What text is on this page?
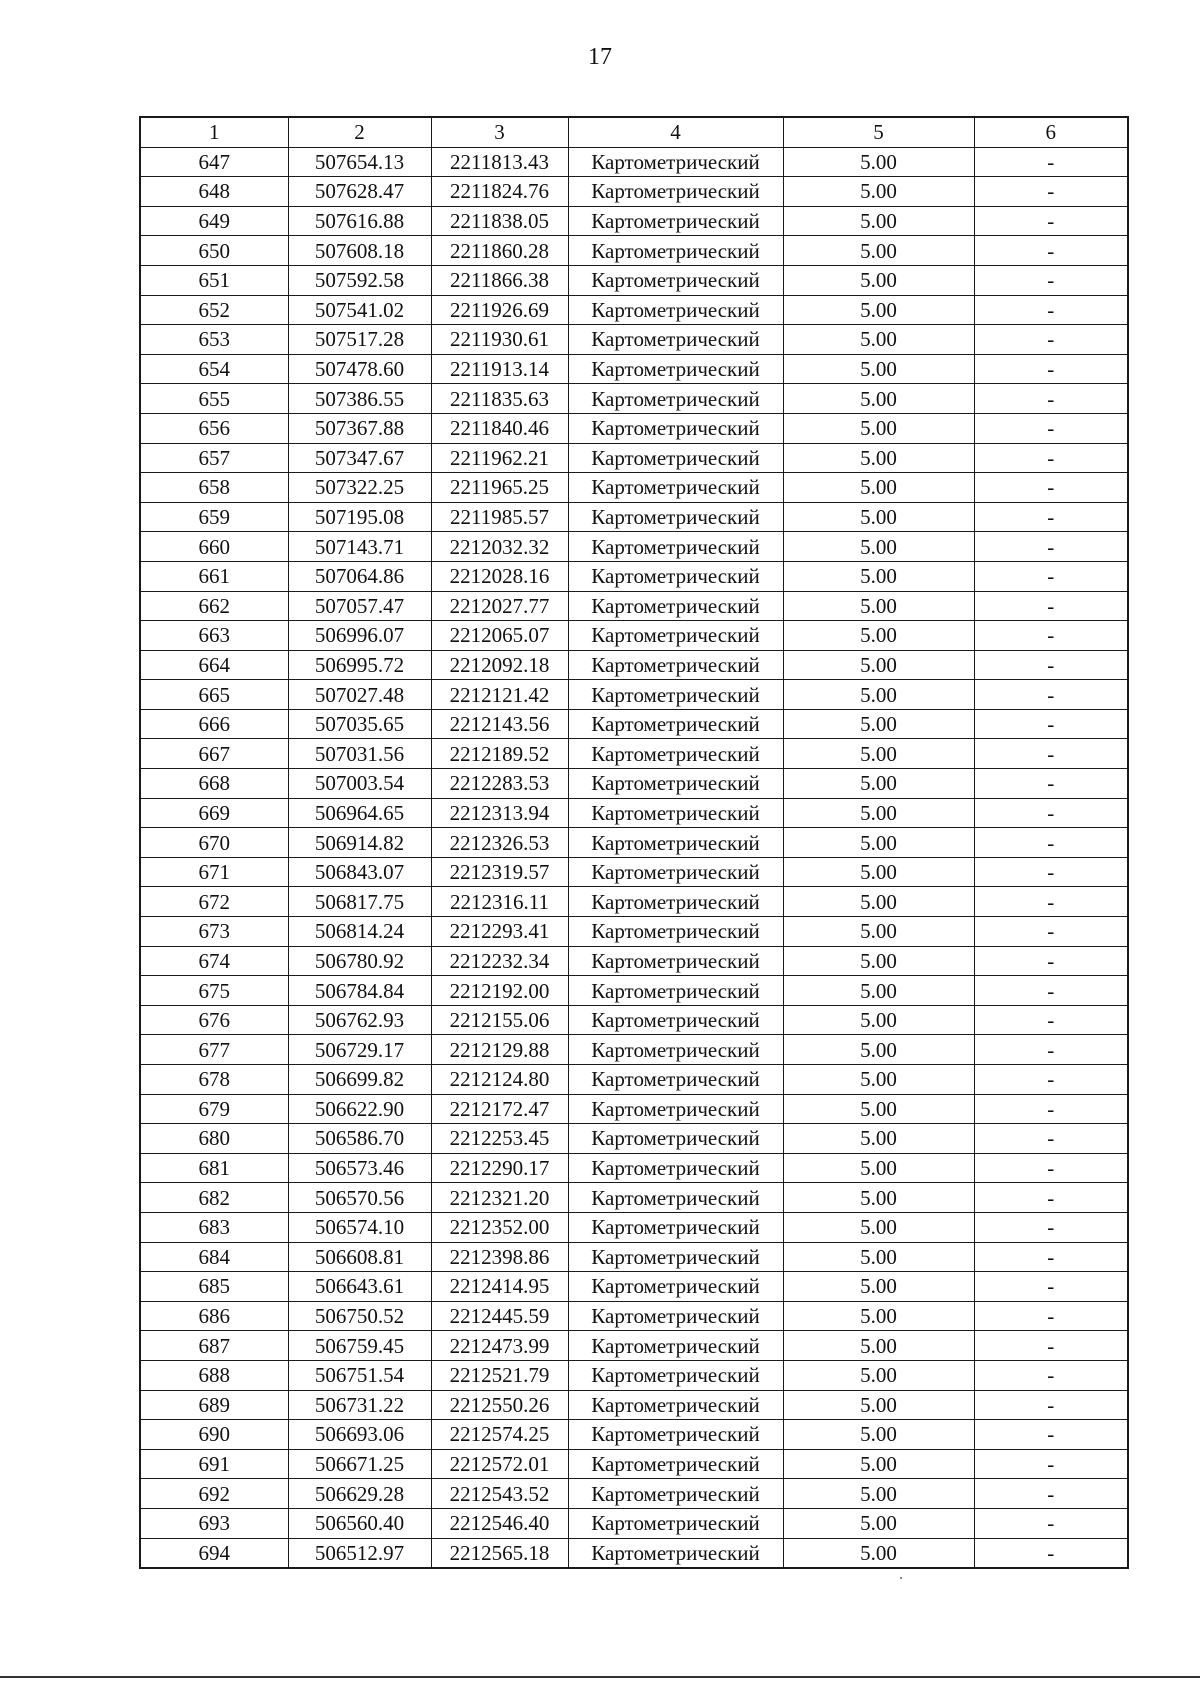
17
1	2	3	4	5	6
647	507654.13	2211813.43	Картометрический	5.00	-
648	507628.47	2211824.76	Картометрический	5.00	-
649	507616.88	2211838.05	Картометрический	5.00	-
650	507608.18	2211860.28	Картометрический	5.00	-
651	507592.58	2211866.38	Картометрический	5.00	-
652	507541.02	2211926.69	Картометрический	5.00	-
653	507517.28	2211930.61	Картометрический	5.00	-
654	507478.60	2211913.14	Картометрический	5.00	-
655	507386.55	2211835.63	Картометрический	5.00	-
656	507367.88	2211840.46	Картометрический	5.00	-
657	507347.67	2211962.21	Картометрический	5.00	-
658	507322.25	2211965.25	Картометрический	5.00	-
659	507195.08	2211985.57	Картометрический	5.00	-
660	507143.71	2212032.32	Картометрический	5.00	-
661	507064.86	2212028.16	Картометрический	5.00	-
662	507057.47	2212027.77	Картометрический	5.00	-
663	506996.07	2212065.07	Картометрический	5.00	-
664	506995.72	2212092.18	Картометрический	5.00	-
665	507027.48	2212121.42	Картометрический	5.00	-
666	507035.65	2212143.56	Картометрический	5.00	-
667	507031.56	2212189.52	Картометрический	5.00	-
668	507003.54	2212283.53	Картометрический	5.00	-
669	506964.65	2212313.94	Картометрический	5.00	-
670	506914.82	2212326.53	Картометрический	5.00	-
671	506843.07	2212319.57	Картометрический	5.00	-
672	506817.75	2212316.11	Картометрический	5.00	-
673	506814.24	2212293.41	Картометрический	5.00	-
674	506780.92	2212232.34	Картометрический	5.00	-
675	506784.84	2212192.00	Картометрический	5.00	-
676	506762.93	2212155.06	Картометрический	5.00	-
677	506729.17	2212129.88	Картометрический	5.00	-
678	506699.82	2212124.80	Картометрический	5.00	-
679	506622.90	2212172.47	Картометрический	5.00	-
680	506586.70	2212253.45	Картометрический	5.00	-
681	506573.46	2212290.17	Картометрический	5.00	-
682	506570.56	2212321.20	Картометрический	5.00	-
683	506574.10	2212352.00	Картометрический	5.00	-
684	506608.81	2212398.86	Картометрический	5.00	-
685	506643.61	2212414.95	Картометрический	5.00	-
686	506750.52	2212445.59	Картометрический	5.00	-
687	506759.45	2212473.99	Картометрический	5.00	-
688	506751.54	2212521.79	Картометрический	5.00	-
689	506731.22	2212550.26	Картометрический	5.00	-
690	506693.06	2212574.25	Картометрический	5.00	-
691	506671.25	2212572.01	Картометрический	5.00	-
692	506629.28	2212543.52	Картометрический	5.00	-
693	506560.40	2212546.40	Картометрический	5.00	-
694	506512.97	2212565.18	Картометрический	5.00	-
